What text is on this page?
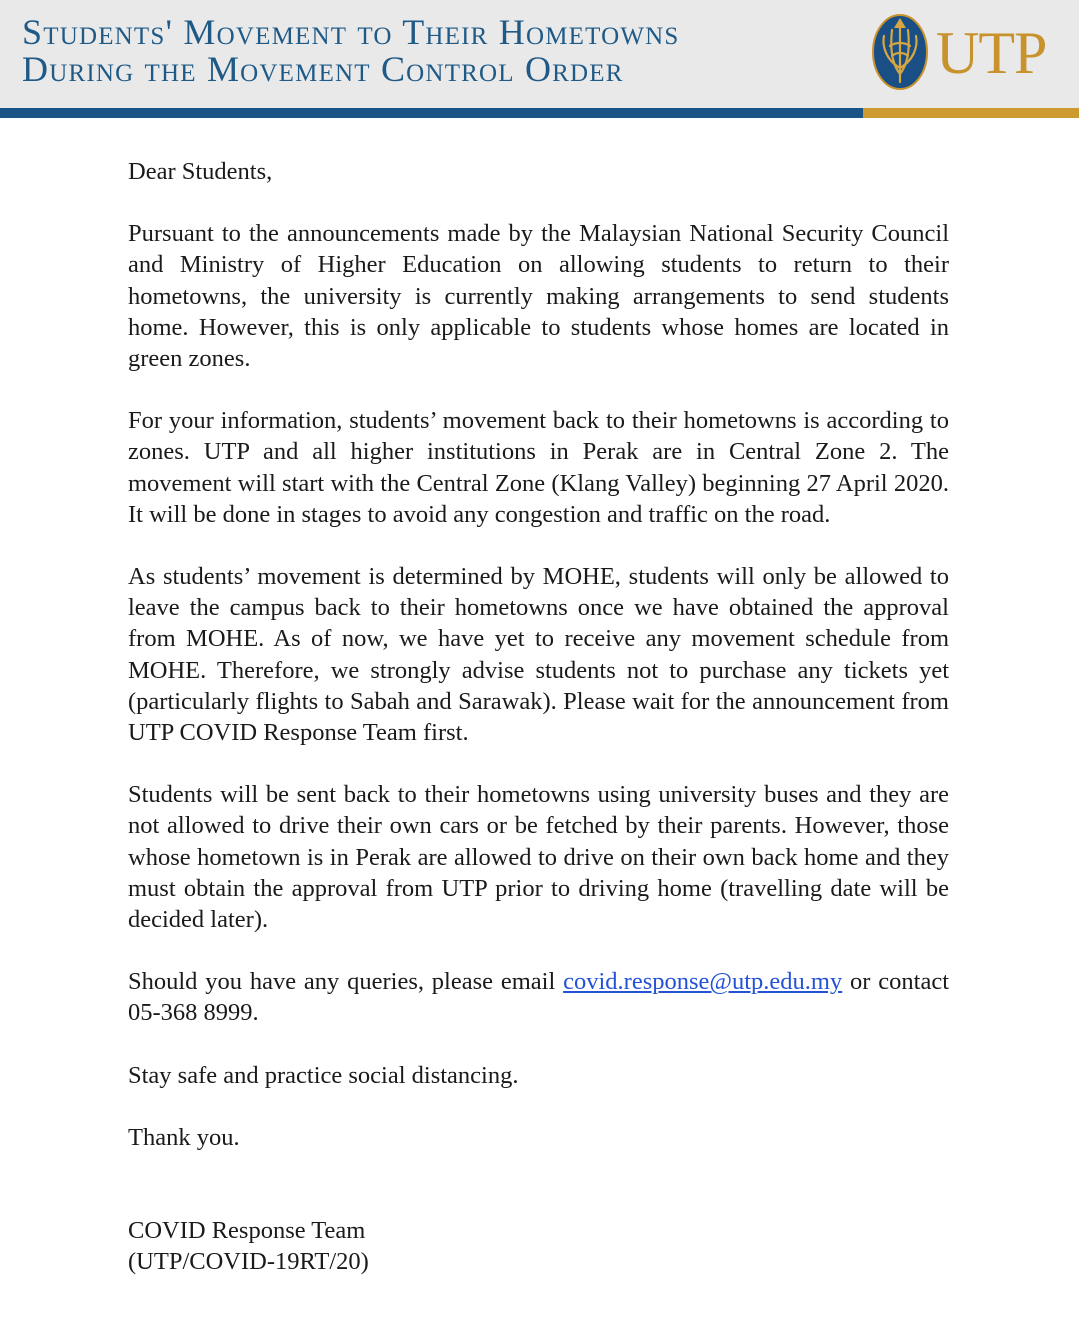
Students' Movement to Their Hometowns
During the Movement Control Order	UTP

Dear Students,

Pursuant to the announcements made by the Malaysian National Security Council and Ministry of Higher Education on allowing students to return to their hometowns, the university is currently making arrangements to send students home. However, this is only applicable to students whose homes are located in green zones.

For your information, students’ movement back to their hometowns is according to zones. UTP and all higher institutions in Perak are in Central Zone 2. The movement will start with the Central Zone (Klang Valley) beginning 27 April 2020. It will be done in stages to avoid any congestion and traffic on the road.

As students’ movement is determined by MOHE, students will only be allowed to leave the campus back to their hometowns once we have obtained the approval from MOHE. As of now, we have yet to receive any movement schedule from MOHE. Therefore, we strongly advise students not to purchase any tickets yet (particularly flights to Sabah and Sarawak). Please wait for the announcement from UTP COVID Response Team first.

Students will be sent back to their hometowns using university buses and they are not allowed to drive their own cars or be fetched by their parents. However, those whose hometown is in Perak are allowed to drive on their own back home and they must obtain the approval from UTP prior to driving home (travelling date will be decided later).

Should you have any queries, please email covid.response@utp.edu.my or contact 05-368 8999.

Stay safe and practice social distancing.

Thank you.

COVID Response Team
(UTP/COVID-19RT/20)
